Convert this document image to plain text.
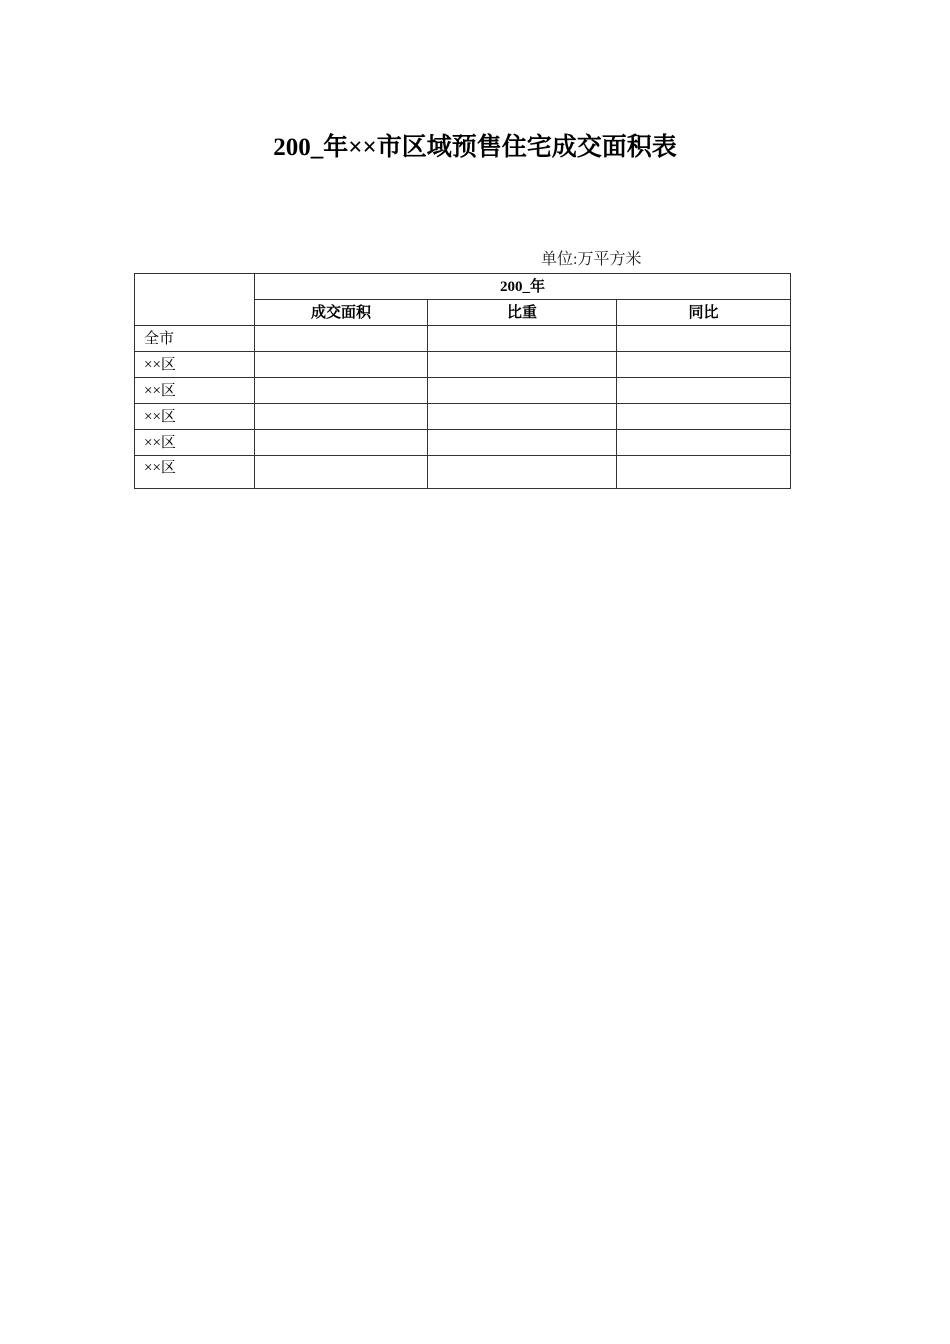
200_年××市区域预售住宅成交面积表
单位:万平方米
	200_年		
	成交面积	比重	同比
全市			
××区			
××区			
××区			
××区			
××区			
